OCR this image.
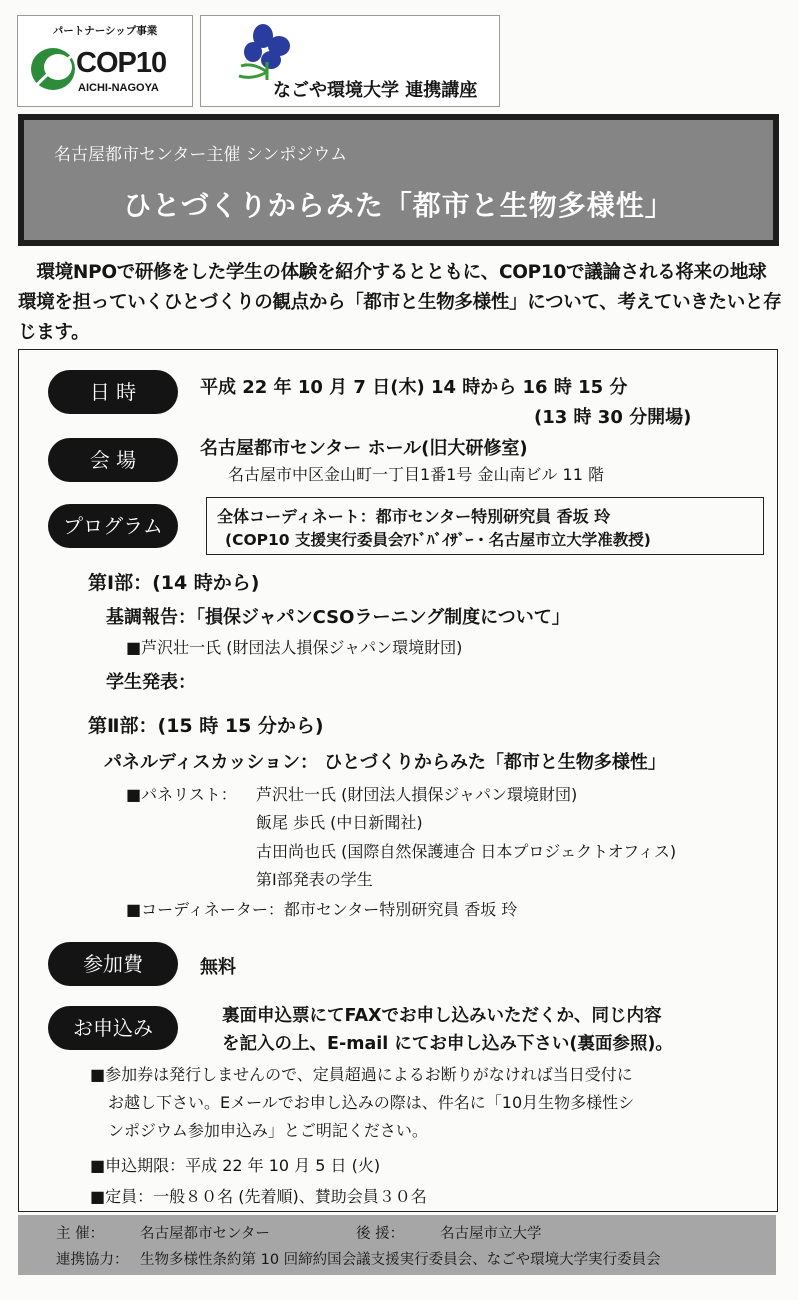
パートナーシップ事業
COP10
AICHI-NAGOYA	なごや環境大学 連携講座
名古屋都市センター主催 シンポジウム
ひとづくりからみた「都市と生物多様性」
環境NPOで研修をした学生の体験を紹介するとともに、COP10で議論される将来の地球環境を担っていくひとづくりの観点から「都市と生物多様性」について、考えていきたいと存じます。
日 時	平成 22 年 10 月 7 日(木) 14 時から 16 時 15 分
(13 時 30 分開場)
会 場	名古屋都市センター ホール(旧大研修室)
名古屋市中区金山町一丁目1番1号 金山南ビル 11 階
プログラム	全体コーディネート：都市センター特別研究員 香坂 玲
(COP10 支援実行委員会ｱﾄﾞﾊﾞｲｻﾞｰ・名古屋市立大学准教授)
第Ⅰ部：(14 時から)
基調報告：「損保ジャパンCSOラーニング制度について」
■芦沢壮一氏 (財団法人損保ジャパン環境財団)
学生発表：
第Ⅱ部：(15 時 15 分から)
パネルディスカッション： ひとづくりからみた「都市と生物多様性」
■パネリスト： 芦沢壮一氏 (財団法人損保ジャパン環境財団)
飯尾 歩氏 (中日新聞社)
古田尚也氏 (国際自然保護連合 日本プロジェクトオフィス)
第Ⅰ部発表の学生
■コーディネーター：都市センター特別研究員 香坂 玲
参加費	無料
お申込み	裏面申込票にてFAXでお申し込みいただくか、同じ内容
を記入の上、E-mail にてお申し込み下さい(裏面参照)。
■参加券は発行しませんので、定員超過によるお断りがなければ当日受付に
お越し下さい。Eメールでお申し込みの際は、件名に「10月生物多様性シ
ンポジウム参加申込み」とご明記ください。
■申込期限：平成 22 年 10 月 5 日 (火)
■定員：一般８０名 (先着順)、賛助会員３０名
主 催： 名古屋都市センター	後 援： 名古屋市立大学
連携協力： 生物多様性条約第 10 回締約国会議支援実行委員会、なごや環境大学実行委員会
